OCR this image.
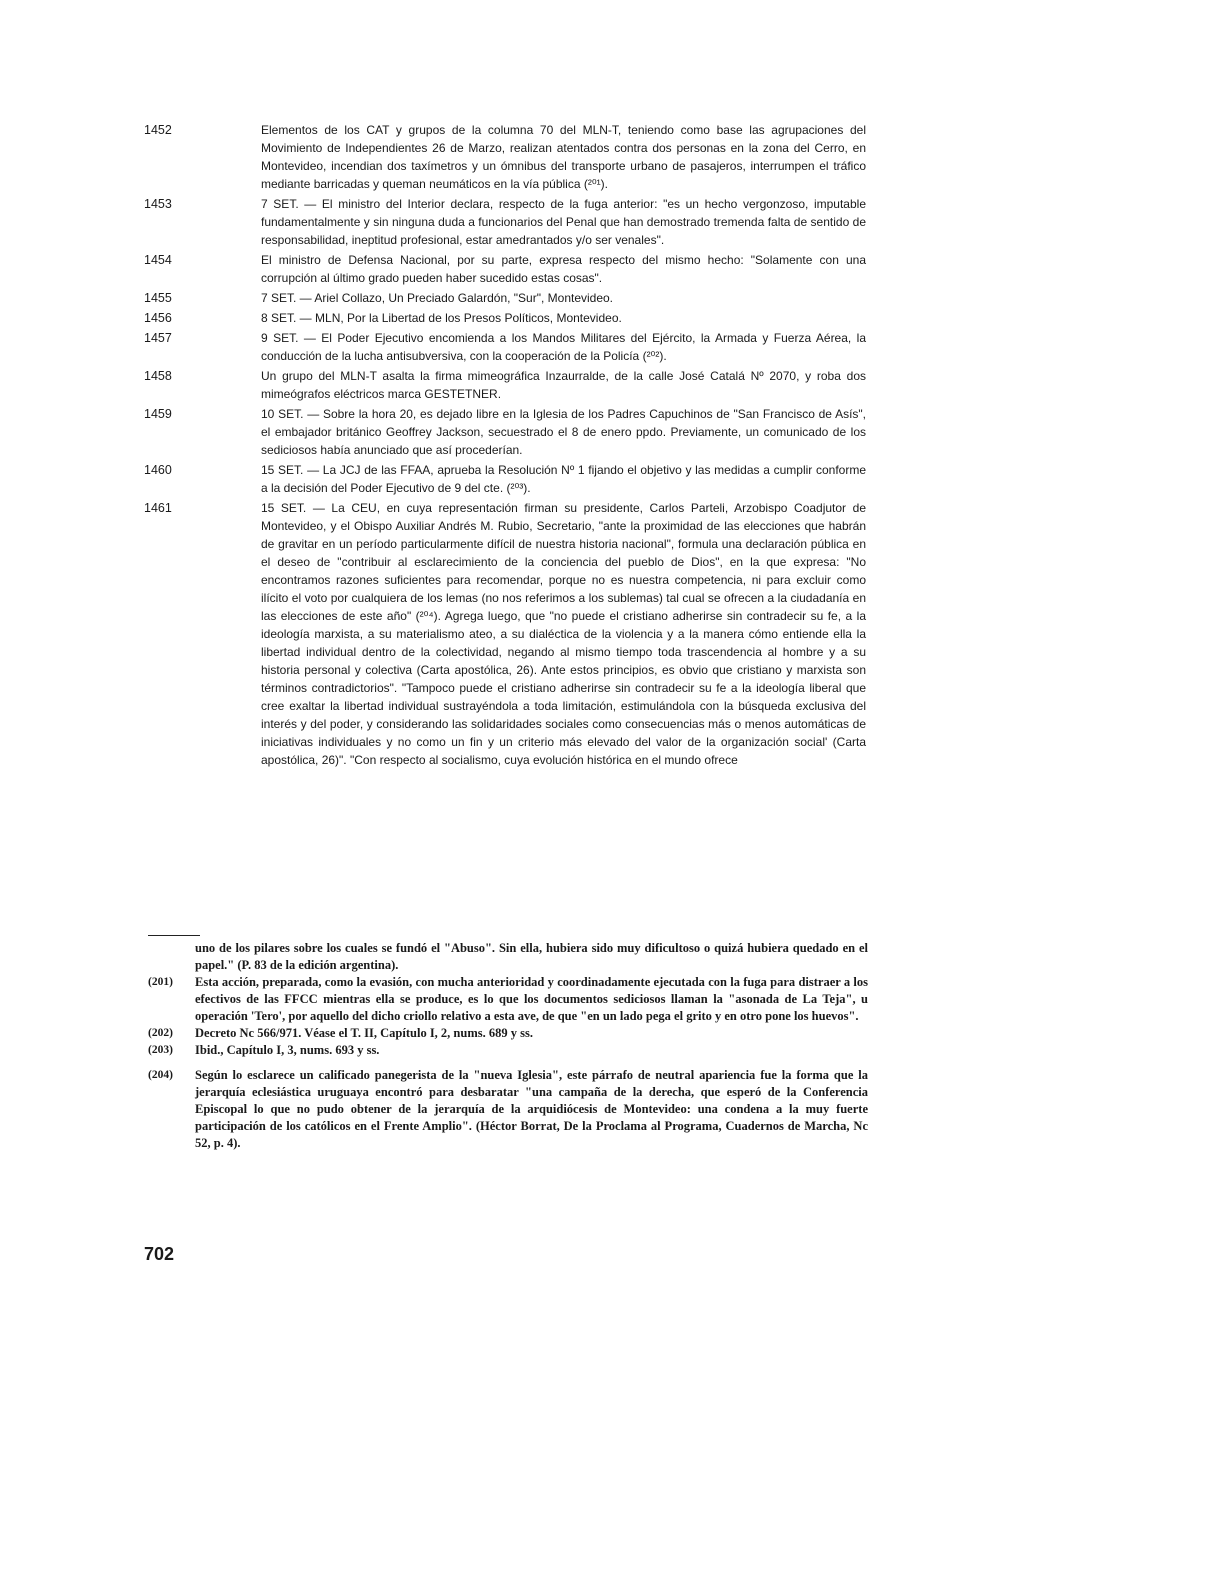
1452	Elementos de los CAT y grupos de la columna 70 del MLN-T, teniendo como base las agrupaciones del Movimiento de Independientes 26 de Marzo, realizan atentados contra dos personas en la zona del Cerro, en Montevideo, incendian dos taxímetros y un ómnibus del transporte urbano de pasajeros, interrumpen el tráfico mediante barricadas y queman neumáticos en la vía pública (²⁰¹).
1453	7 SET. — El ministro del Interior declara, respecto de la fuga anterior: "es un hecho vergonzoso, imputable fundamentalmente y sin ninguna duda a funcionarios del Penal que han demostrado tremenda falta de sentido de responsabilidad, ineptitud profesional, estar amedrantados y/o ser venales".
1454	El ministro de Defensa Nacional, por su parte, expresa respecto del mismo hecho: "Solamente con una corrupción al último grado pueden haber sucedido estas cosas".
1455	7 SET. — Ariel Collazo, Un Preciado Galardón, "Sur", Montevideo.
1456	8 SET. — MLN, Por la Libertad de los Presos Políticos, Montevideo.
1457	9 SET. — El Poder Ejecutivo encomienda a los Mandos Militares del Ejército, la Armada y Fuerza Aérea, la conducción de la lucha antisubversiva, con la cooperación de la Policía (²⁰²).
1458	Un grupo del MLN-T asalta la firma mimeográfica Inzaurralde, de la calle José Catalá Nº 2070, y roba dos mimeógrafos eléctricos marca GESTETNER.
1459	10 SET. — Sobre la hora 20, es dejado libre en la Iglesia de los Padres Capuchinos de "San Francisco de Asís", el embajador británico Geoffrey Jackson, secuestrado el 8 de enero ppdo. Previamente, un comunicado de los sediciosos había anunciado que así procederían.
1460	15 SET. — La JCJ de las FFAA, aprueba la Resolución Nº 1 fijando el objetivo y las medidas a cumplir conforme a la decisión del Poder Ejecutivo de 9 del cte. (²⁰³).
1461	15 SET. — La CEU, en cuya representación firman su presidente, Carlos Parteli, Arzobispo Coadjutor de Montevideo, y el Obispo Auxiliar Andrés M. Rubio, Secretario, "ante la proximidad de las elecciones que habrán de gravitar en un período particularmente difícil de nuestra historia nacional", formula una declaración pública en el deseo de "contribuir al esclarecimiento de la conciencia del pueblo de Dios", en la que expresa: "No encontramos razones suficientes para recomendar, porque no es nuestra competencia, ni para excluir como ilícito el voto por cualquiera de los lemas (no nos referimos a los sublemas) tal cual se ofrecen a la ciudadanía en las elecciones de este año" (²⁰⁴). Agrega luego, que "no puede el cristiano adherirse sin contradecir su fe, a la ideología marxista, a su materialismo ateo, a su dialéctica de la violencia y a la manera cómo entiende ella la libertad individual dentro de la colectividad, negando al mismo tiempo toda trascendencia al hombre y a su historia personal y colectiva (Carta apostólica, 26). Ante estos principios, es obvio que cristiano y marxista son términos contradictorios". "Tampoco puede el cristiano adherirse sin contradecir su fe a la ideología liberal que cree exaltar la libertad individual sustrayéndola a toda limitación, estimulándola con la búsqueda exclusiva del interés y del poder, y considerando las solidaridades sociales como consecuencias más o menos automáticas de iniciativas individuales y no como un fin y un criterio más elevado del valor de la organización social' (Carta apostólica, 26)". "Con respecto al socialismo, cuya evolución histórica en el mundo ofrece
uno de los pilares sobre los cuales se fundó el "Abuso". Sin ella, hubiera sido muy dificultoso o quizá hubiera quedado en el papel." (P. 83 de la edición argentina).
(201)	Esta acción, preparada, como la evasión, con mucha anterioridad y coordinadamente ejecutada con la fuga para distraer a los efectivos de las FFCC mientras ella se produce, es lo que los documentos sediciosos llaman la "asonada de La Teja", u operación 'Tero', por aquello del dicho criollo relativo a esta ave, de que "en un lado pega el grito y en otro pone los huevos".
(202)	Decreto Nc 566/971. Véase el T. II, Capítulo I, 2, nums. 689 y ss.
(203)	Ibid., Capítulo I, 3, nums. 693 y ss.
(204)	Según lo esclarece un calificado panegerista de la "nueva Iglesia", este párrafo de neutral apariencia fue la forma que la jerarquía eclesiástica uruguaya encontró para desbaratar "una campaña de la derecha, que esperó de la Conferencia Episcopal lo que no pudo obtener de la jerarquía de la arquidiócesis de Montevideo: una condena a la muy fuerte participación de los católicos en el Frente Amplio". (Héctor Borrat, De la Proclama al Programa, Cuadernos de Marcha, Nc 52, p. 4).
702
